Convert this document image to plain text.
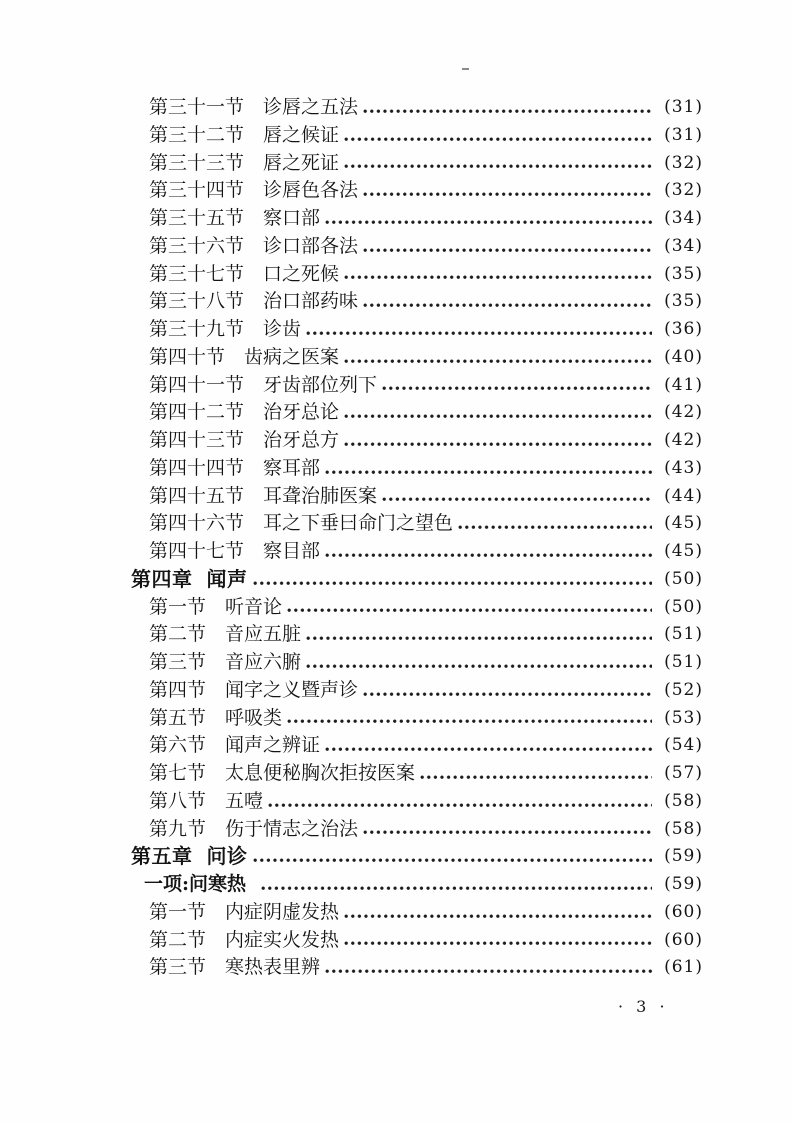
第三十一节 诊唇之五法	(31)
第三十二节 唇之候证	(31)
第三十三节 唇之死证	(32)
第三十四节 诊唇色各法	(32)
第三十五节 察口部	(34)
第三十六节 诊口部各法	(34)
第三十七节 口之死候	(35)
第三十八节 治口部药味	(35)
第三十九节 诊齿	(36)
第四十节 齿病之医案	(40)
第四十一节 牙齿部位列下	(41)
第四十二节 治牙总论	(42)
第四十三节 治牙总方	(42)
第四十四节 察耳部	(43)
第四十五节 耳聋治肺医案	(44)
第四十六节 耳之下垂曰命门之望色	(45)
第四十七节 察目部	(45)
第四章 闻声	(50)
第一节 听音论	(50)
第二节 音应五脏	(51)
第三节 音应六腑	(51)
第四节 闻字之义暨声诊	(52)
第五节 呼吸类	(53)
第六节 闻声之辨证	(54)
第七节 太息便秘胸次拒按医案	(57)
第八节 五噎	(58)
第九节 伤于情志之治法	(58)
第五章 问诊	(59)
一项:问寒热	(59)
第一节 内症阴虚发热	(60)
第二节 内症实火发热	(60)
第三节 寒热表里辨	(61)
· 3 ·
